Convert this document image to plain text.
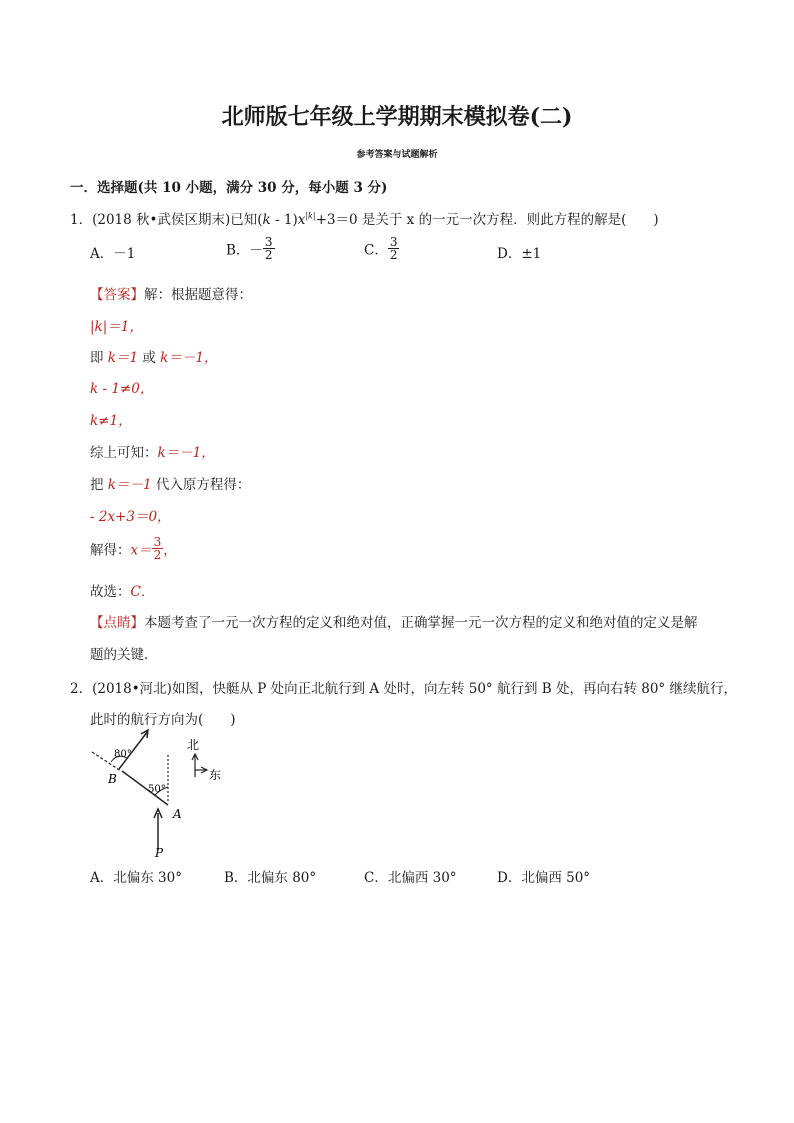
北师版七年级上学期期末模拟卷(二)
参考答案与试题解析
一．选择题(共 10 小题，满分 30 分，每小题 3 分)
1．(2018 秋•武侯区期末)已知$(k - 1)x^{|k|}+3=0$ 是关于 x 的一元一次方程．则此方程的解是(　　)
A．－1	B．－ $\frac{3}{2}$	C． $\frac{3}{2}$	D．±1
【答案】解：根据题意得：
|k|＝1，
即 k＝1 或 k＝－1，
k - 1≠0，
k≠1，
综上可知：k＝－1，
把 k＝－1 代入原方程得：
- 2x+3＝0，
解得：$x= \frac{3}{2}$ ，
故选：C．
【点睛】本题考查了一元一次方程的定义和绝对值，正确掌握一元一次方程的定义和绝对值的定义是解
题的关键．
2．(2018•河北)如图，快艇从 P 处向正北航行到 A 处时，向左转 50° 航行到 B 处，再向右转 80° 继续航行，
此时的航行方向为(　　)
80°
50°
B
A
P
北
东
A．北偏东 30°	B．北偏东 80°	C．北偏西 30°	D．北偏西 50°
